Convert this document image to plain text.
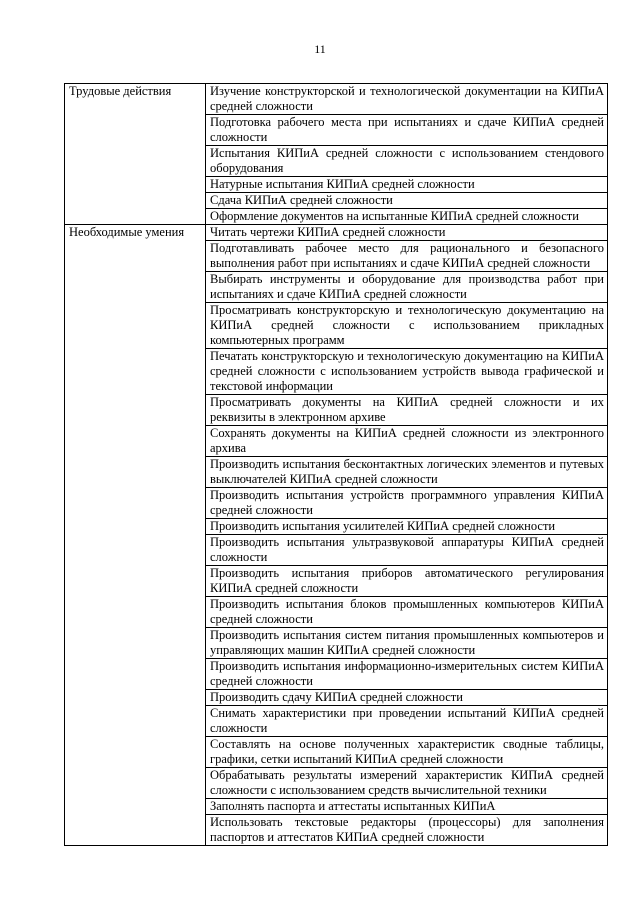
11
Трудовые действия	Изучение конструкторской и технологической документации на КИПиА средней сложности
	Подготовка рабочего места при испытаниях и сдаче КИПиА средней сложности
	Испытания КИПиА средней сложности с использованием стендового оборудования
	Натурные испытания КИПиА средней сложности
	Сдача КИПиА средней сложности
	Оформление документов на испытанные КИПиА средней сложности
Необходимые умения	Читать чертежи КИПиА средней сложности
	Подготавливать рабочее место для рационального и безопасного выполнения работ при испытаниях и сдаче КИПиА средней сложности
	Выбирать инструменты и оборудование для производства работ при испытаниях и сдаче КИПиА средней сложности
	Просматривать конструкторскую и технологическую документацию на КИПиА средней сложности с использованием прикладных компьютерных программ
	Печатать конструкторскую и технологическую документацию на КИПиА средней сложности с использованием устройств вывода графической и текстовой информации
	Просматривать документы на КИПиА средней сложности и их реквизиты в электронном архиве
	Сохранять документы на КИПиА средней сложности из электронного архива
	Производить испытания бесконтактных логических элементов и путевых выключателей КИПиА средней сложности
	Производить испытания устройств программного управления КИПиА средней сложности
	Производить испытания усилителей КИПиА средней сложности
	Производить испытания ультразвуковой аппаратуры КИПиА средней сложности
	Производить испытания приборов автоматического регулирования КИПиА средней сложности
	Производить испытания блоков промышленных компьютеров КИПиА средней сложности
	Производить испытания систем питания промышленных компьютеров и управляющих машин КИПиА средней сложности
	Производить испытания информационно-измерительных систем КИПиА средней сложности
	Производить сдачу КИПиА средней сложности
	Снимать характеристики при проведении испытаний КИПиА средней сложности
	Составлять на основе полученных характеристик сводные таблицы, графики, сетки испытаний КИПиА средней сложности
	Обрабатывать результаты измерений характеристик КИПиА средней сложности с использованием средств вычислительной техники
	Заполнять паспорта и аттестаты испытанных КИПиА
	Использовать текстовые редакторы (процессоры) для заполнения паспортов и аттестатов КИПиА средней сложности
